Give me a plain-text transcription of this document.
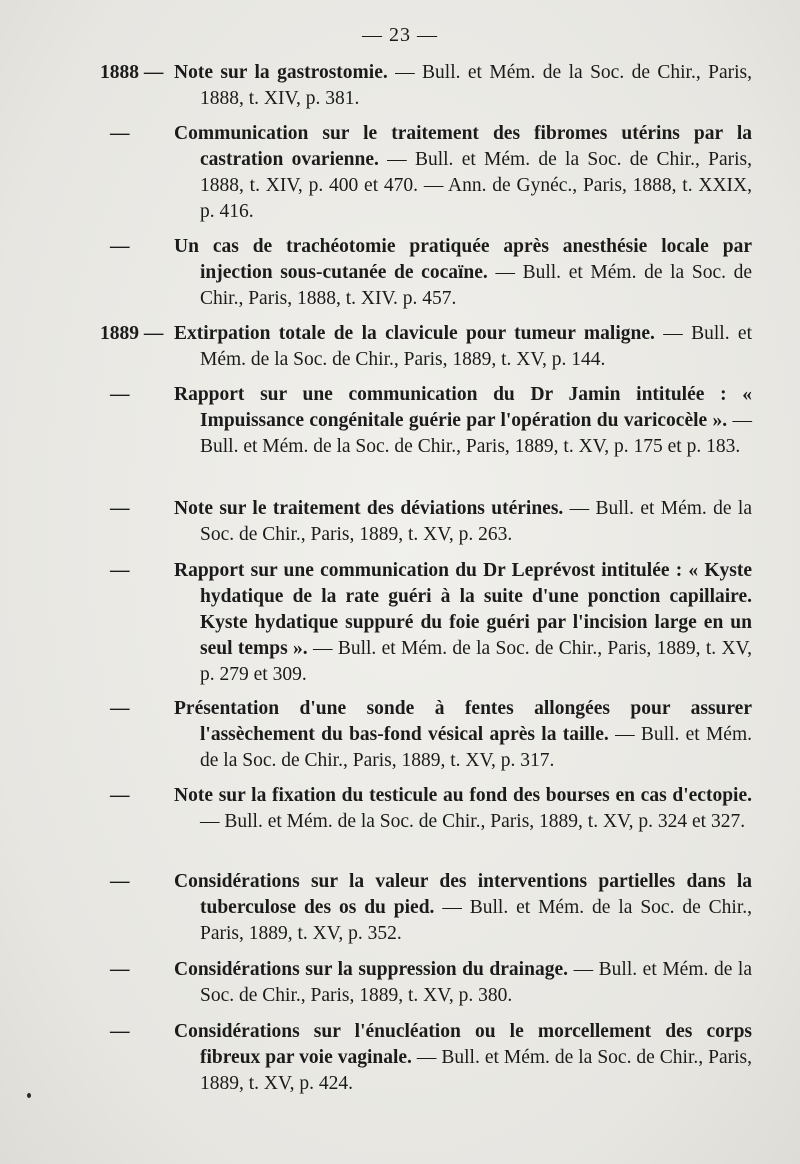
— 23 —
1888 — Note sur la gastrostomie. — Bull. et Mém. de la Soc. de Chir., Paris, 1888, t. XIV, p. 381.
—	Communication sur le traitement des fibromes utérins par la castration ovarienne. — Bull. et Mém. de la Soc. de Chir., Paris, 1888, t. XIV, p. 400 et 470. — Ann. de Gynéc., Paris, 1888, t. XXIX, p. 416.
—	Un cas de trachéotomie pratiquée après anesthésie locale par injection sous-cutanée de cocaïne. — Bull. et Mém. de la Soc. de Chir., Paris, 1888, t. XIV. p. 457.
1889 — Extirpation totale de la clavicule pour tumeur maligne. — Bull. et Mém. de la Soc. de Chir., Paris, 1889, t. XV, p. 144.
—	Rapport sur une communication du Dr Jamin intitulée : « Impuissance congénitale guérie par l'opération du varicocèle ». — Bull. et Mém. de la Soc. de Chir., Paris, 1889, t. XV, p. 175 et p. 183.
—	Note sur le traitement des déviations utérines. — Bull. et Mém. de la Soc. de Chir., Paris, 1889, t. XV, p. 263.
—	Rapport sur une communication du Dr Leprévost intitulée : « Kyste hydatique de la rate guéri à la suite d'une ponction capillaire. Kyste hydatique suppuré du foie guéri par l'incision large en un seul temps ». — Bull. et Mém. de la Soc. de Chir., Paris, 1889, t. XV, p. 279 et 309.
—	Présentation d'une sonde à fentes allongées pour assurer l'assèchement du bas-fond vésical après la taille. — Bull. et Mém. de la Soc. de Chir., Paris, 1889, t. XV, p. 317.
—	Note sur la fixation du testicule au fond des bourses en cas d'ectopie. — Bull. et Mém. de la Soc. de Chir., Paris, 1889, t. XV, p. 324 et 327.
—	Considérations sur la valeur des interventions partielles dans la tuberculose des os du pied. — Bull. et Mém. de la Soc. de Chir., Paris, 1889, t. XV, p. 352.
—	Considérations sur la suppression du drainage. — Bull. et Mém. de la Soc. de Chir., Paris, 1889, t. XV, p. 380.
—	Considérations sur l'énucléation ou le morcellement des corps fibreux par voie vaginale. — Bull. et Mém. de la Soc. de Chir., Paris, 1889, t. XV, p. 424.
